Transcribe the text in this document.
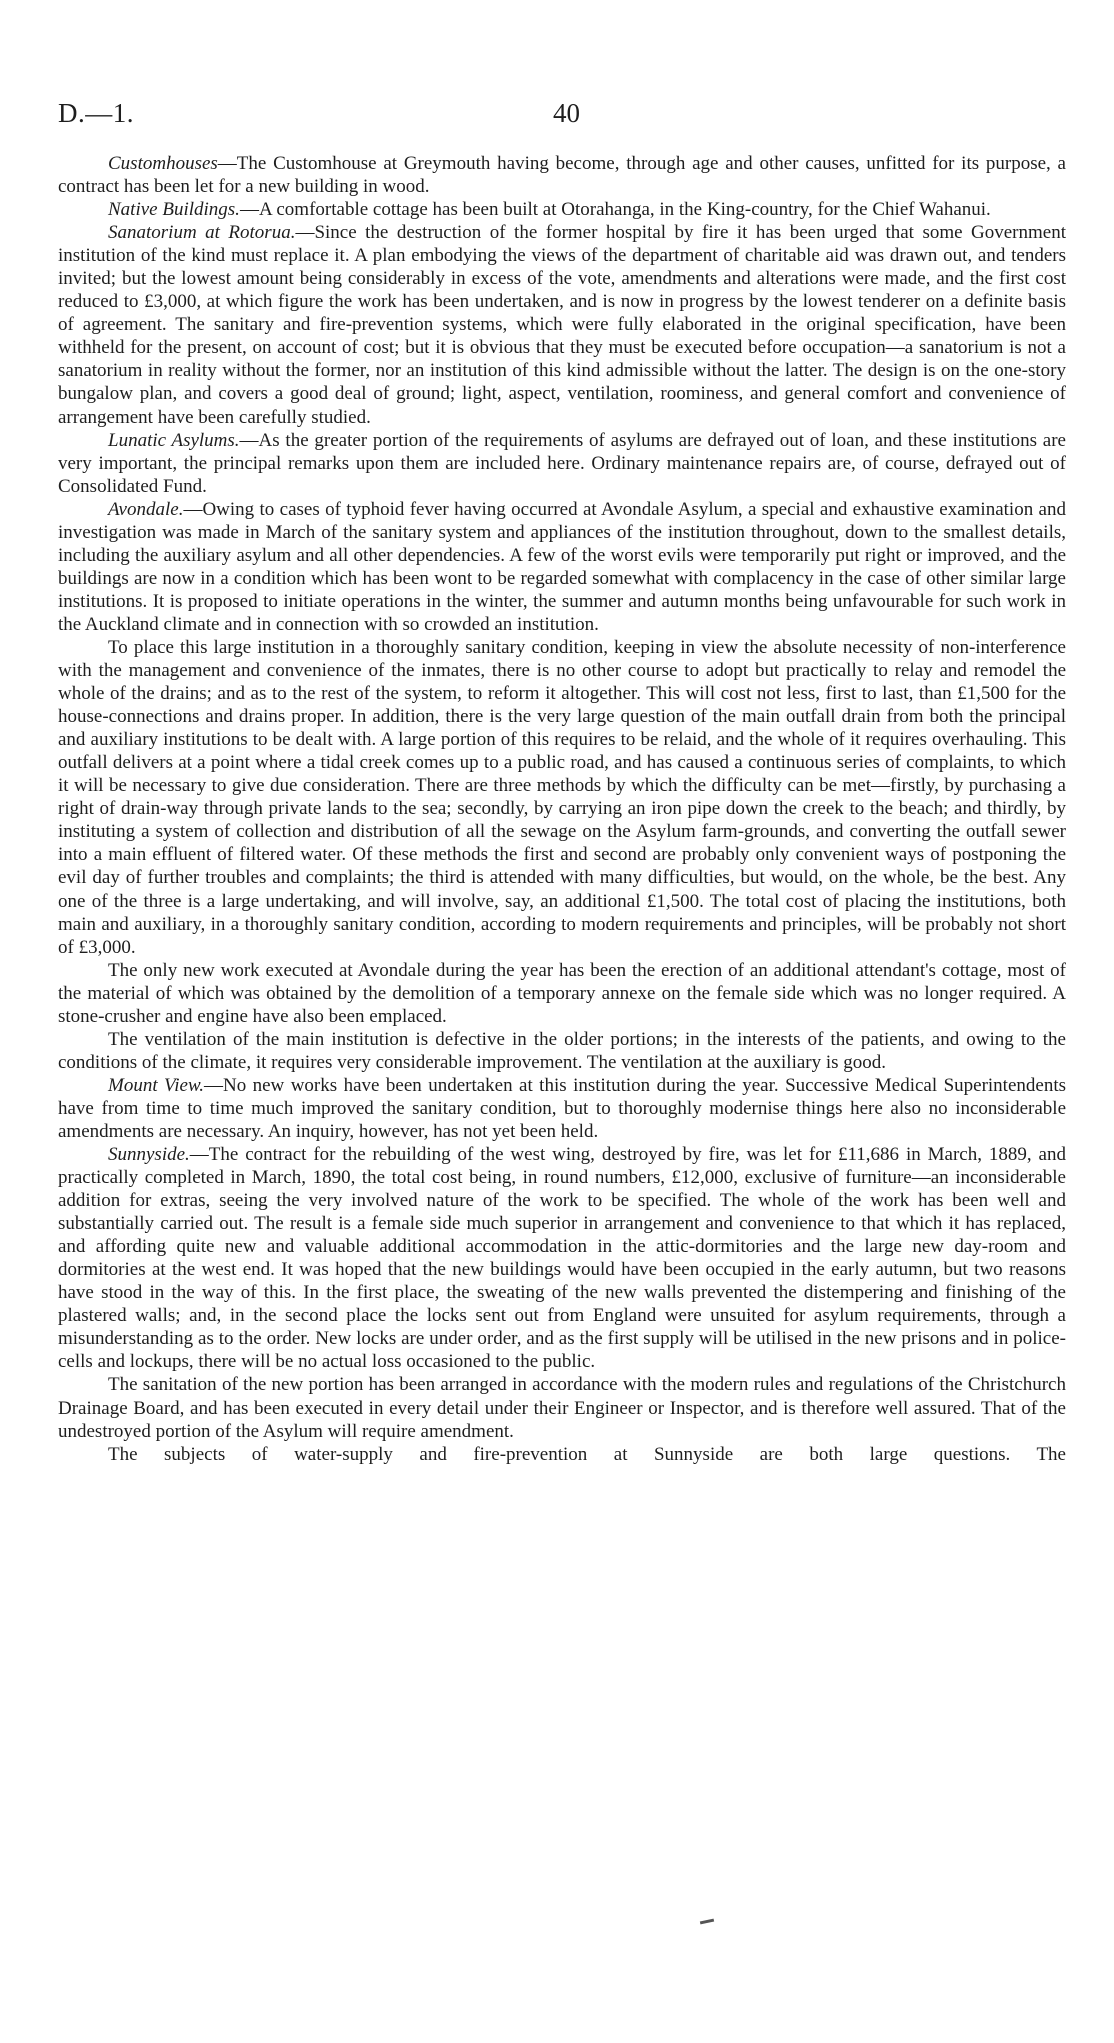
D.—1.	40

Customhouses—The Customhouse at Greymouth having become, through age and other causes, unfitted for its purpose, a contract has been let for a new building in wood.

Native Buildings.—A comfortable cottage has been built at Otorahanga, in the King-country, for the Chief Wahanui.

Sanatorium at Rotorua.—Since the destruction of the former hospital by fire it has been urged that some Government institution of the kind must replace it. A plan embodying the views of the department of charitable aid was drawn out, and tenders invited; but the lowest amount being considerably in excess of the vote, amendments and alterations were made, and the first cost reduced to £3,000, at which figure the work has been undertaken, and is now in progress by the lowest tenderer on a definite basis of agreement. The sanitary and fire-prevention systems, which were fully elaborated in the original specification, have been withheld for the present, on account of cost; but it is obvious that they must be executed before occupation—a sanatorium is not a sanatorium in reality without the former, nor an institution of this kind admissible without the latter. The design is on the one-story bungalow plan, and covers a good deal of ground; light, aspect, ventilation, roominess, and general comfort and convenience of arrangement have been carefully studied.

Lunatic Asylums.—As the greater portion of the requirements of asylums are defrayed out of loan, and these institutions are very important, the principal remarks upon them are included here. Ordinary maintenance repairs are, of course, defrayed out of Consolidated Fund.

Avondale.—Owing to cases of typhoid fever having occurred at Avondale Asylum, a special and exhaustive examination and investigation was made in March of the sanitary system and appliances of the institution throughout, down to the smallest details, including the auxiliary asylum and all other dependencies. A few of the worst evils were temporarily put right or improved, and the buildings are now in a condition which has been wont to be regarded somewhat with complacency in the case of other similar large institutions. It is proposed to initiate operations in the winter, the summer and autumn months being unfavourable for such work in the Auckland climate and in connection with so crowded an institution.

To place this large institution in a thoroughly sanitary condition, keeping in view the absolute necessity of non-interference with the management and convenience of the inmates, there is no other course to adopt but practically to relay and remodel the whole of the drains; and as to the rest of the system, to reform it altogether. This will cost not less, first to last, than £1,500 for the house-connections and drains proper. In addition, there is the very large question of the main outfall drain from both the principal and auxiliary institutions to be dealt with. A large portion of this requires to be relaid, and the whole of it requires overhauling. This outfall delivers at a point where a tidal creek comes up to a public road, and has caused a continuous series of complaints, to which it will be necessary to give due consideration. There are three methods by which the difficulty can be met—firstly, by purchasing a right of drain-way through private lands to the sea; secondly, by carrying an iron pipe down the creek to the beach; and thirdly, by instituting a system of collection and distribution of all the sewage on the Asylum farm-grounds, and converting the outfall sewer into a main effluent of filtered water. Of these methods the first and second are probably only convenient ways of postponing the evil day of further troubles and complaints; the third is attended with many difficulties, but would, on the whole, be the best. Any one of the three is a large undertaking, and will involve, say, an additional £1,500. The total cost of placing the institutions, both main and auxiliary, in a thoroughly sanitary condition, according to modern requirements and principles, will be probably not short of £3,000.

The only new work executed at Avondale during the year has been the erection of an additional attendant's cottage, most of the material of which was obtained by the demolition of a temporary annexe on the female side which was no longer required. A stone-crusher and engine have also been emplaced.

The ventilation of the main institution is defective in the older portions; in the interests of the patients, and owing to the conditions of the climate, it requires very considerable improvement. The ventilation at the auxiliary is good.

Mount View.—No new works have been undertaken at this institution during the year. Successive Medical Superintendents have from time to time much improved the sanitary condition, but to thoroughly modernise things here also no inconsiderable amendments are necessary. An inquiry, however, has not yet been held.

Sunnyside.—The contract for the rebuilding of the west wing, destroyed by fire, was let for £11,686 in March, 1889, and practically completed in March, 1890, the total cost being, in round numbers, £12,000, exclusive of furniture—an inconsiderable addition for extras, seeing the very involved nature of the work to be specified. The whole of the work has been well and substantially carried out. The result is a female side much superior in arrangement and convenience to that which it has replaced, and affording quite new and valuable additional accommodation in the attic-dormitories and the large new day-room and dormitories at the west end. It was hoped that the new buildings would have been occupied in the early autumn, but two reasons have stood in the way of this. In the first place, the sweating of the new walls prevented the distempering and finishing of the plastered walls; and, in the second place the locks sent out from England were unsuited for asylum requirements, through a misunderstanding as to the order. New locks are under order, and as the first supply will be utilised in the new prisons and in police-cells and lockups, there will be no actual loss occasioned to the public.

The sanitation of the new portion has been arranged in accordance with the modern rules and regulations of the Christchurch Drainage Board, and has been executed in every detail under their Engineer or Inspector, and is therefore well assured. That of the undestroyed portion of the Asylum will require amendment.

The subjects of water-supply and fire-prevention at Sunnyside are both large questions. The
